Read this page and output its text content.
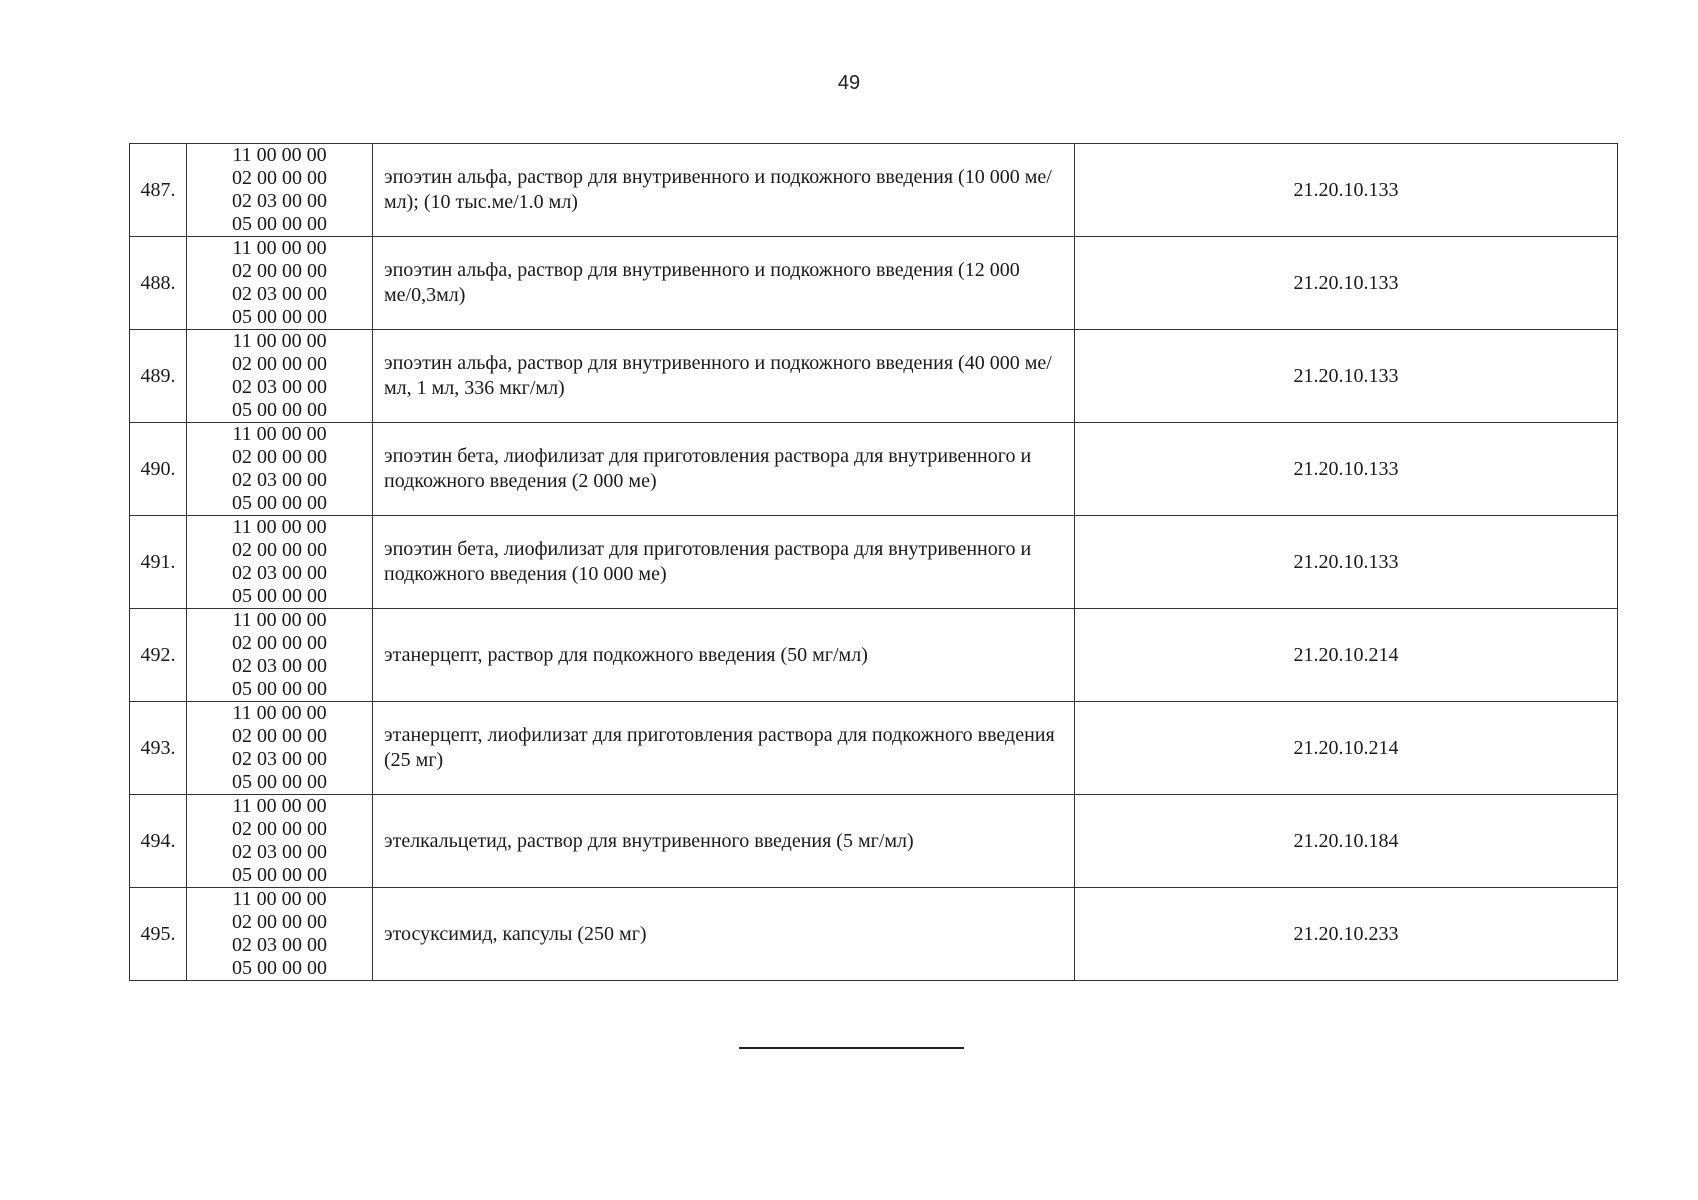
49
487.	11 00 00 00
02 00 00 00
02 03 00 00
05 00 00 00	эпоэтин альфа, раствор для внутривенного и подкожного введения (10 000 ме/мл); (10 тыс.ме/1.0 мл)	21.20.10.133
488.	11 00 00 00
02 00 00 00
02 03 00 00
05 00 00 00	эпоэтин альфа, раствор для внутривенного и подкожного введения (12 000 ме/0,3мл)	21.20.10.133
489.	11 00 00 00
02 00 00 00
02 03 00 00
05 00 00 00	эпоэтин альфа, раствор для внутривенного и подкожного введения (40 000 ме/мл, 1 мл, 336 мкг/мл)	21.20.10.133
490.	11 00 00 00
02 00 00 00
02 03 00 00
05 00 00 00	эпоэтин бета, лиофилизат для приготовления раствора для внутривенного и подкожного введения (2 000 ме)	21.20.10.133
491.	11 00 00 00
02 00 00 00
02 03 00 00
05 00 00 00	эпоэтин бета, лиофилизат для приготовления раствора для внутривенного и подкожного введения (10 000 ме)	21.20.10.133
492.	11 00 00 00
02 00 00 00
02 03 00 00
05 00 00 00	этанерцепт, раствор для подкожного введения (50 мг/мл)	21.20.10.214
493.	11 00 00 00
02 00 00 00
02 03 00 00
05 00 00 00	этанерцепт, лиофилизат для приготовления раствора для подкожного введения (25 мг)	21.20.10.214
494.	11 00 00 00
02 00 00 00
02 03 00 00
05 00 00 00	этелкальцетид, раствор для внутривенного введения (5 мг/мл)	21.20.10.184
495.	11 00 00 00
02 00 00 00
02 03 00 00
05 00 00 00	этосуксимид, капсулы (250 мг)	21.20.10.233
